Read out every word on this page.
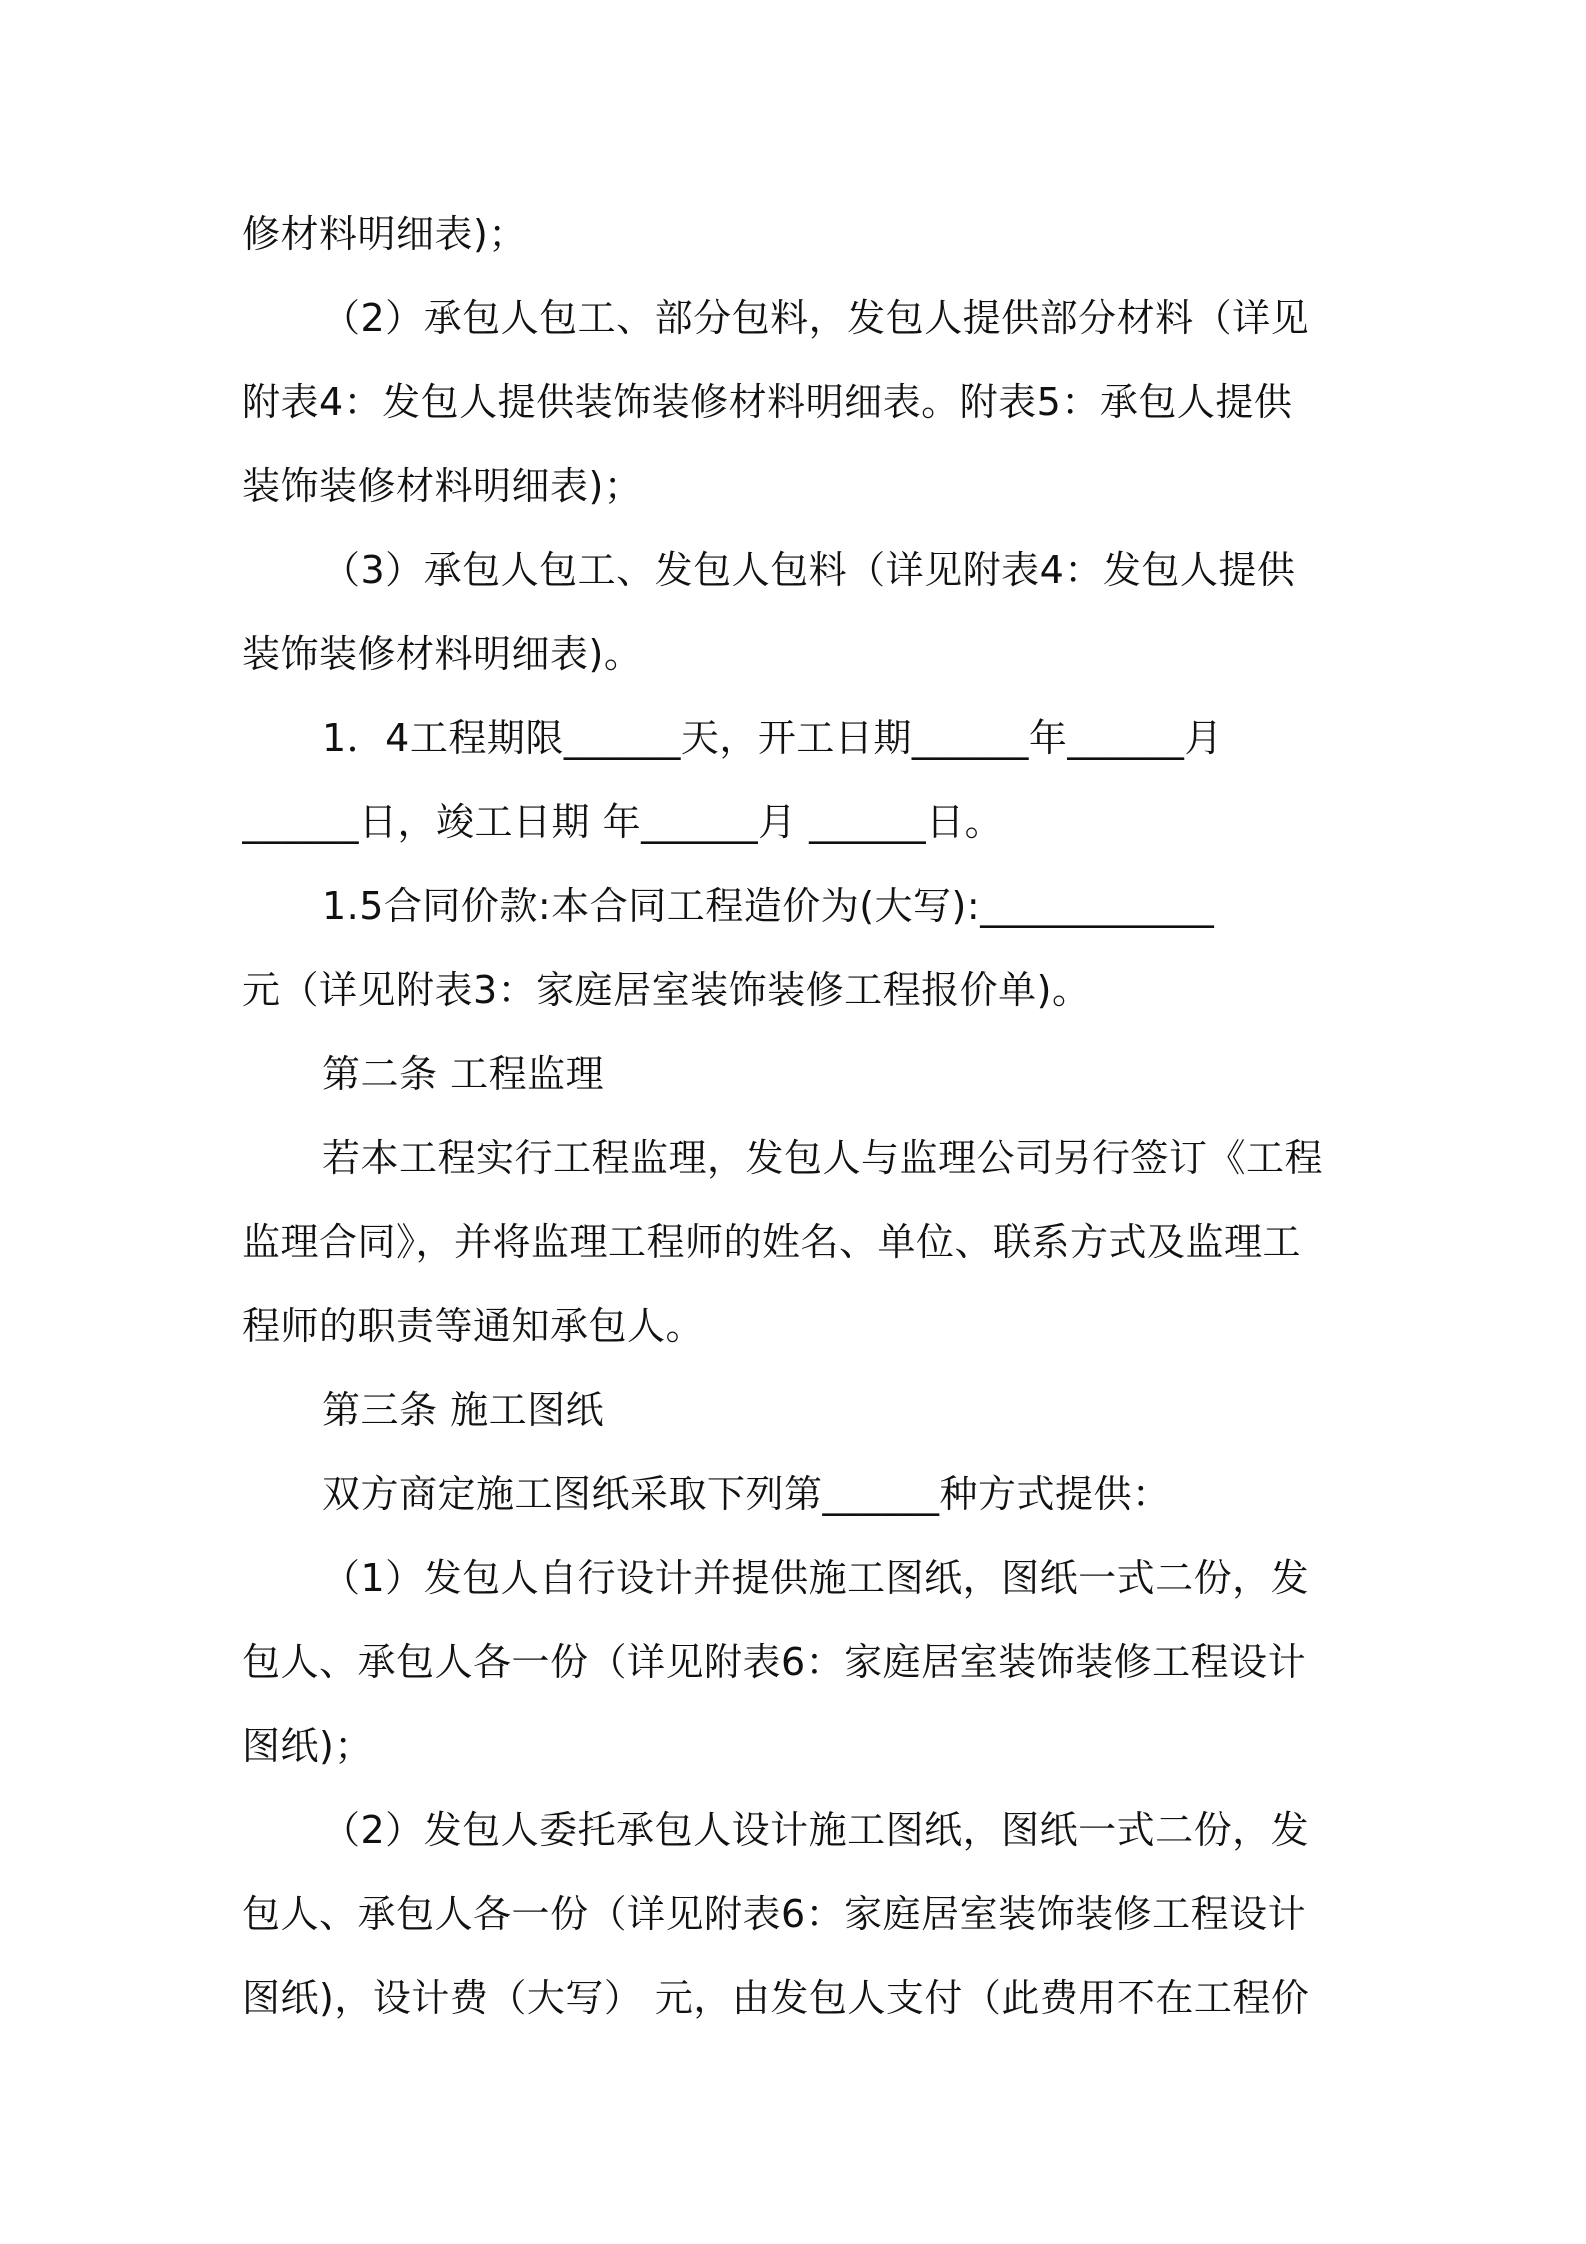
修材料明细表)；
（2）承包人包工、部分包料，发包人提供部分材料（详见
附表4：发包人提供装饰装修材料明细表。附表5：承包人提供
装饰装修材料明细表)；
（3）承包人包工、发包人包料（详见附表4：发包人提供
装饰装修材料明细表)。
1．4工程期限______天，开工日期______年______月
______日，竣工日期 年______月 ______日。
1.5合同价款:本合同工程造价为(大写):____________
元（详见附表3：家庭居室装饰装修工程报价单)。
第二条 工程监理
若本工程实行工程监理，发包人与监理公司另行签订《工程
监理合同》，并将监理工程师的姓名、单位、联系方式及监理工
程师的职责等通知承包人。
第三条 施工图纸
双方商定施工图纸采取下列第______种方式提供：
（1）发包人自行设计并提供施工图纸，图纸一式二份，发
包人、承包人各一份（详见附表6：家庭居室装饰装修工程设计
图纸)；
（2）发包人委托承包人设计施工图纸，图纸一式二份，发
包人、承包人各一份（详见附表6：家庭居室装饰装修工程设计
图纸)，设计费（大写） 元，由发包人支付（此费用不在工程价
